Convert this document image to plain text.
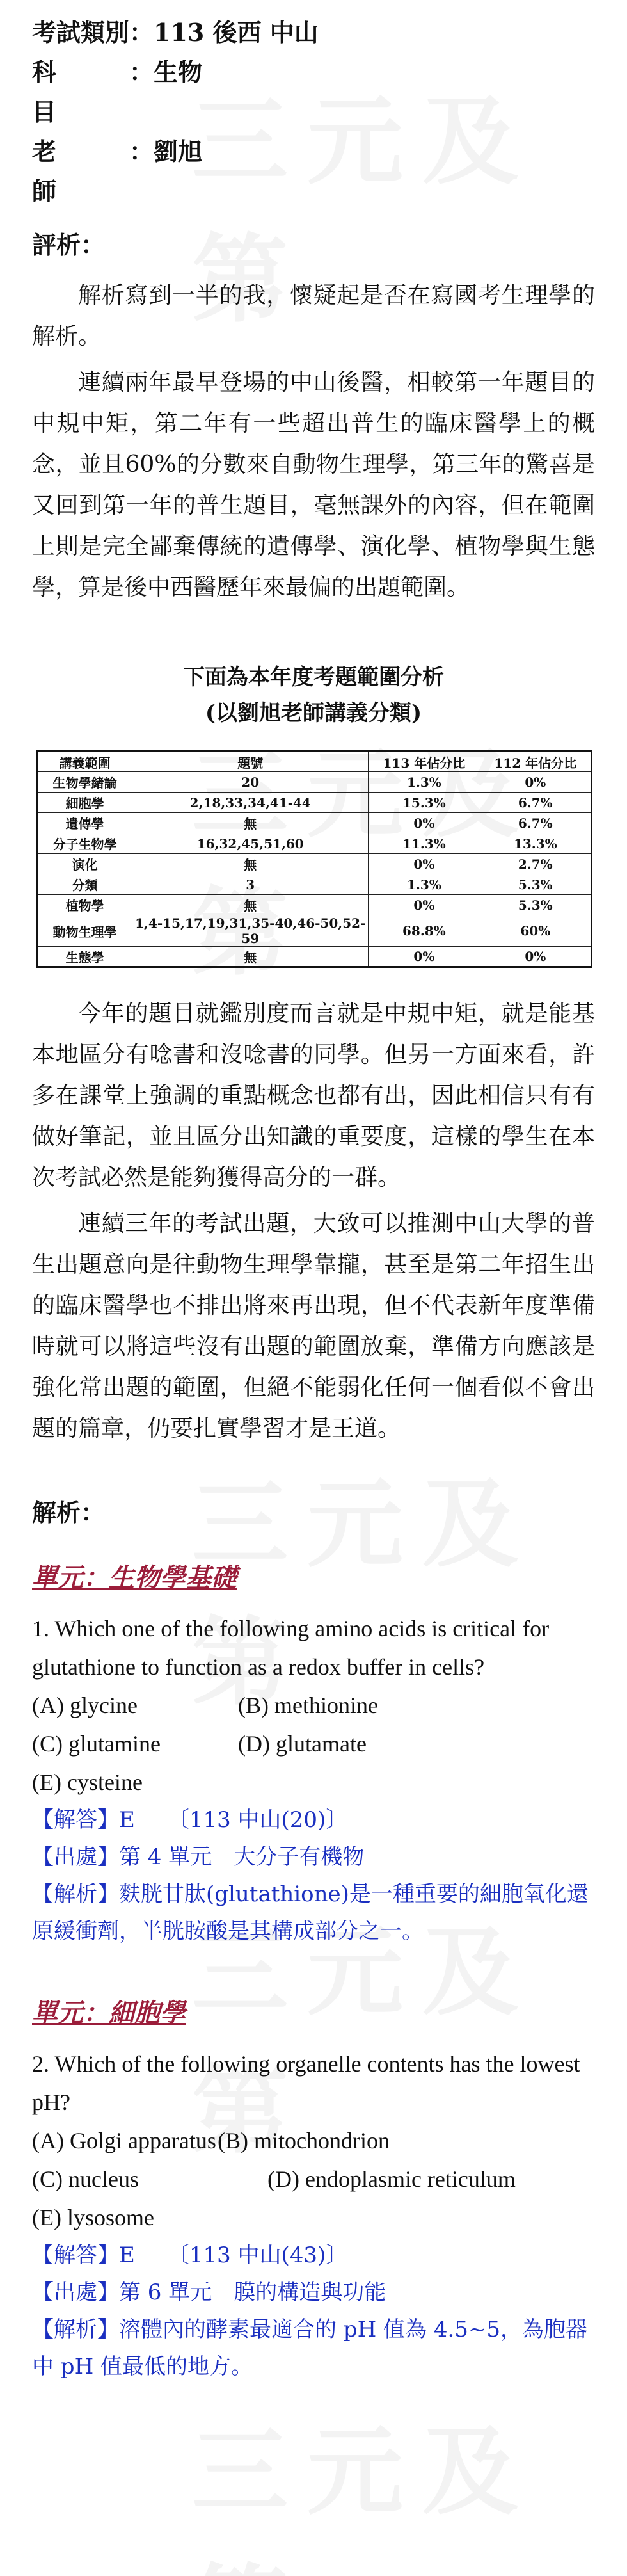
考試類別 ： 113 後西 中山
科目
： 生物
老師
： 劉旭
評析：

解析寫到一半的我，懷疑起是否在寫國考生理學的解析。

連續兩年最早登場的中山後醫，相較第一年題目的中規中矩，第二年有一些超出普生的臨床醫學上的概念，並且60%的分數來自動物生理學，第三年的驚喜是又回到第一年的普生題目，毫無課外的內容，但在範圍上則是完全鄙棄傳統的遺傳學、演化學、植物學與生態學，算是後中西醫歷年來最偏的出題範圍。

下面為本年度考題範圍分析
(以劉旭老師講義分類)
講義範圍	題號	113 年佔分比	112 年佔分比
生物學緒論	20	1.3%	0%
細胞學	2,18,33,34,41-44	15.3%	6.7%
遺傳學	無	0%	6.7%
分子生物學	16,32,45,51,60	11.3%	13.3%
演化	無	0%	2.7%
分類	3	1.3%	5.3%
植物學	無	0%	5.3%
動物生理學	1,4-15,17,19,31,35-40,46-50,52-59	68.8%	60%
生態學	無	0%	0%

今年的題目就鑑別度而言就是中規中矩，就是能基本地區分有唸書和沒唸書的同學。但另一方面來看，許多在課堂上強調的重點概念也都有出，因此相信只有有做好筆記，並且區分出知識的重要度，這樣的學生在本次考試必然是能夠獲得高分的一群。

連續三年的考試出題，大致可以推測中山大學的普生出題意向是往動物生理學靠攏，甚至是第二年招生出的臨床醫學也不排出將來再出現，但不代表新年度準備時就可以將這些沒有出題的範圍放棄，準備方向應該是強化常出題的範圍，但絕不能弱化任何一個看似不會出題的篇章，仍要扎實學習才是王道。

解析：
單元：生物學基礎
1. Which one of the following amino acids is critical for glutathione to function as a redox buffer in cells?
(A) glycine	(B) methionine
(C) glutamine	(D) glutamate
(E) cysteine
【解答】E　　〔113 中山(20)〕
【出處】第 4 單元　大分子有機物
【解析】麩胱甘肽(glutathione)是一種重要的細胞氧化還原緩衝劑，半胱胺酸是其構成部分之一。
單元：細胞學
2. Which of the following organelle contents has the lowest pH?
(A) Golgi apparatus (B) mitochondrion
(C) nucleus	(D) endoplasmic reticulum
(E) lysosome
【解答】E　　〔113 中山(43)〕
【出處】第 6 單元　膜的構造與功能
【解析】溶體內的酵素最適合的 pH 值為 4.5~5，為胞器中 pH 值最低的地方。
